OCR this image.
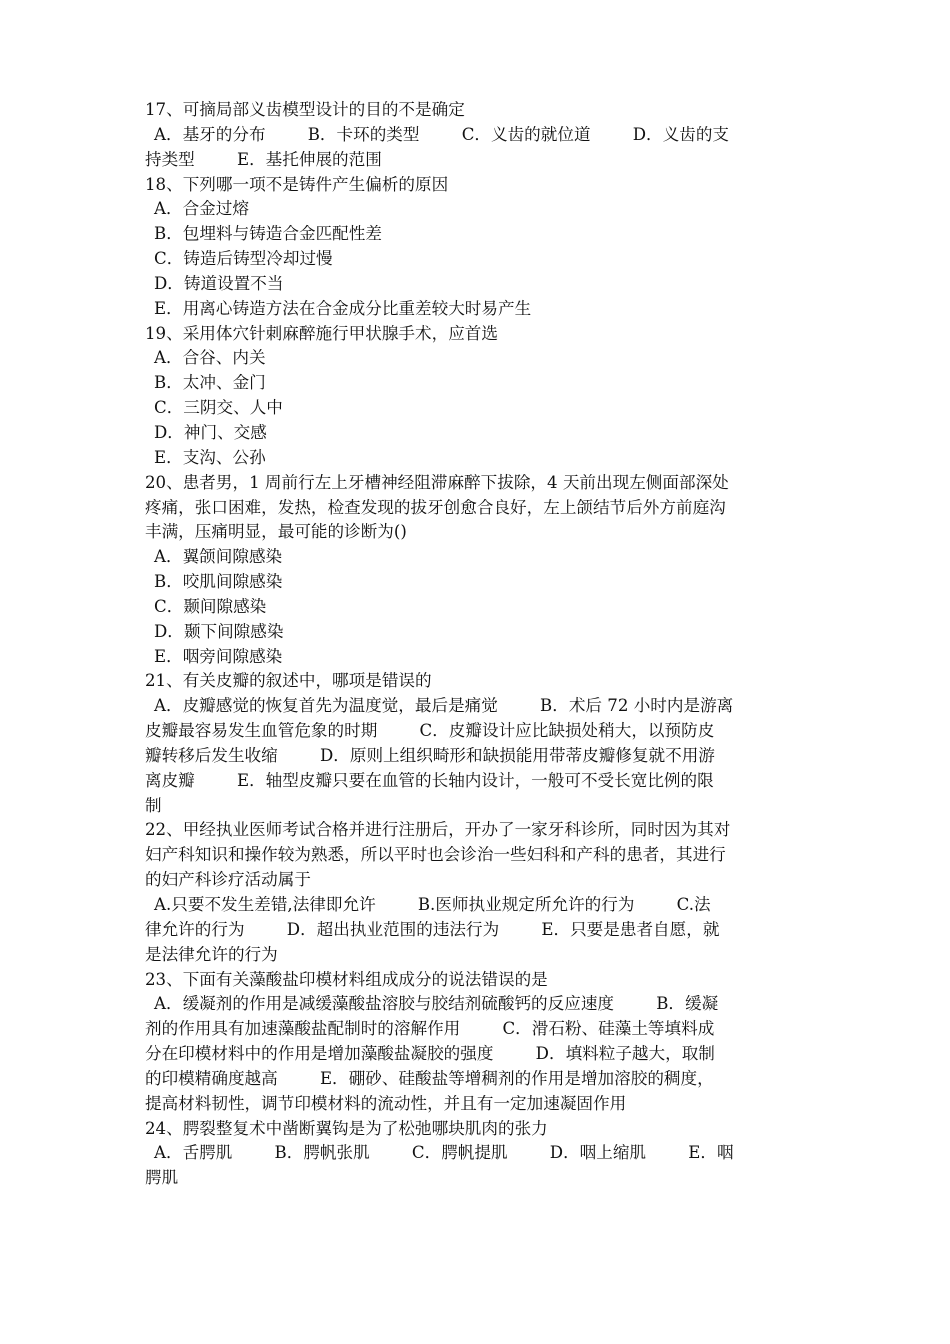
17、可摘局部义齿模型设计的目的不是确定
A．基牙的分布        B．卡环的类型        C．义齿的就位道        D．义齿的支
持类型        E．基托伸展的范围
18、下列哪一项不是铸件产生偏析的原因
A．合金过熔
B．包埋料与铸造合金匹配性差
C．铸造后铸型冷却过慢
D．铸道设置不当
E．用离心铸造方法在合金成分比重差较大时易产生
19、采用体穴针刺麻醉施行甲状腺手术，应首选
A．合谷、内关
B．太冲、金门
C．三阴交、人中
D．神门、交感
E．支沟、公孙
20、患者男，1 周前行左上牙槽神经阻滞麻醉下拔除，4 天前出现左侧面部深处
疼痛，张口困难，发热，检查发现的拔牙创愈合良好，左上颌结节后外方前庭沟
丰满，压痛明显，最可能的诊断为()
A．翼颌间隙感染
B．咬肌间隙感染
C．颞间隙感染
D．颞下间隙感染
E．咽旁间隙感染
21、有关皮瓣的叙述中，哪项是错误的
A．皮瓣感觉的恢复首先为温度觉，最后是痛觉        B．术后 72 小时内是游离
皮瓣最容易发生血管危象的时期        C．皮瓣设计应比缺损处稍大，以预防皮
瓣转移后发生收缩        D．原则上组织畸形和缺损能用带蒂皮瓣修复就不用游
离皮瓣        E．轴型皮瓣只要在血管的长轴内设计，一般可不受长宽比例的限
制
22、甲经执业医师考试合格并进行注册后，开办了一家牙科诊所，同时因为其对
妇产科知识和操作较为熟悉，所以平时也会诊治一些妇科和产科的患者，其进行
的妇产科诊疗活动属于
A.只要不发生差错,法律即允许        B.医师执业规定所允许的行为        C.法
律允许的行为        D．超出执业范围的违法行为        E．只要是患者自愿，就
是法律允许的行为
23、下面有关藻酸盐印模材料组成成分的说法错误的是
A．缓凝剂的作用是减缓藻酸盐溶胶与胶结剂硫酸钙的反应速度        B．缓凝
剂的作用具有加速藻酸盐配制时的溶解作用        C．滑石粉、硅藻土等填料成
分在印模材料中的作用是增加藻酸盐凝胶的强度        D．填料粒子越大，取制
的印模精确度越高        E．硼砂、硅酸盐等增稠剂的作用是增加溶胶的稠度，
提高材料韧性，调节印模材料的流动性，并且有一定加速凝固作用
24、腭裂整复术中凿断翼钩是为了松弛哪块肌肉的张力
A．舌腭肌        B．腭帆张肌        C．腭帆提肌        D．咽上缩肌        E．咽
腭肌
